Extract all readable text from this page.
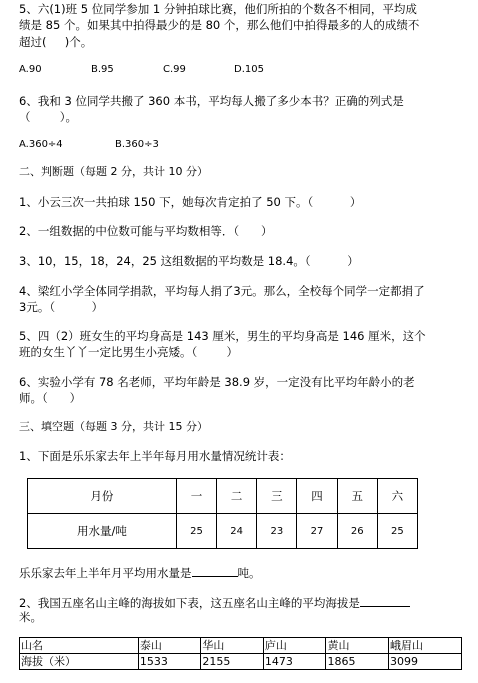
5、六(1)班 5 位同学参加 1 分钟拍球比赛，他们所拍的个数各不相同，平均成
绩是 85 个。如果其中拍得最少的是 80 个，那么他们中拍得最多的人的成绩不
超过(     )个。
A.90	B.95	C.99	D.105
6、我和 3 位同学共搬了 360 本书，平均每人搬了多少本书？正确的列式是
（        ）。
A.360÷4	B.360÷3
二、判断题（每题 2 分，共计 10 分）
1、小云三次一共拍球 150 下，她每次肯定拍了 50 下。（          ）
2、一组数据的中位数可能与平均数相等．（      ）
3、10，15，18，24，25 这组数据的平均数是 18.4。（          ）
4、梁红小学全体同学捐款，平均每人捐了3元。那么，全校每个同学一定都捐了
3元。（          ）
5、四（2）班女生的平均身高是 143 厘米，男生的平均身高是 146 厘米，这个
班的女生丫丫一定比男生小亮矮。（        ）
6、实验小学有 78 名老师，平均年龄是 38.9 岁，一定没有比平均年龄小的老
师。（      ）
三、填空题（每题 3 分，共计 15 分）
1、下面是乐乐家去年上半年每月用水量情况统计表：
月份	一	二	三	四	五	六
用水量/吨	25	24	23	27	26	25
乐乐家去年上半年月平均用水量是	吨。
2、我国五座名山主峰的海拔如下表，这五座名山主峰的平均海拔是
米。
山名	泰山	华山	庐山	黄山	峨眉山
海拔（米）	1533	2155	1473	1865	3099
